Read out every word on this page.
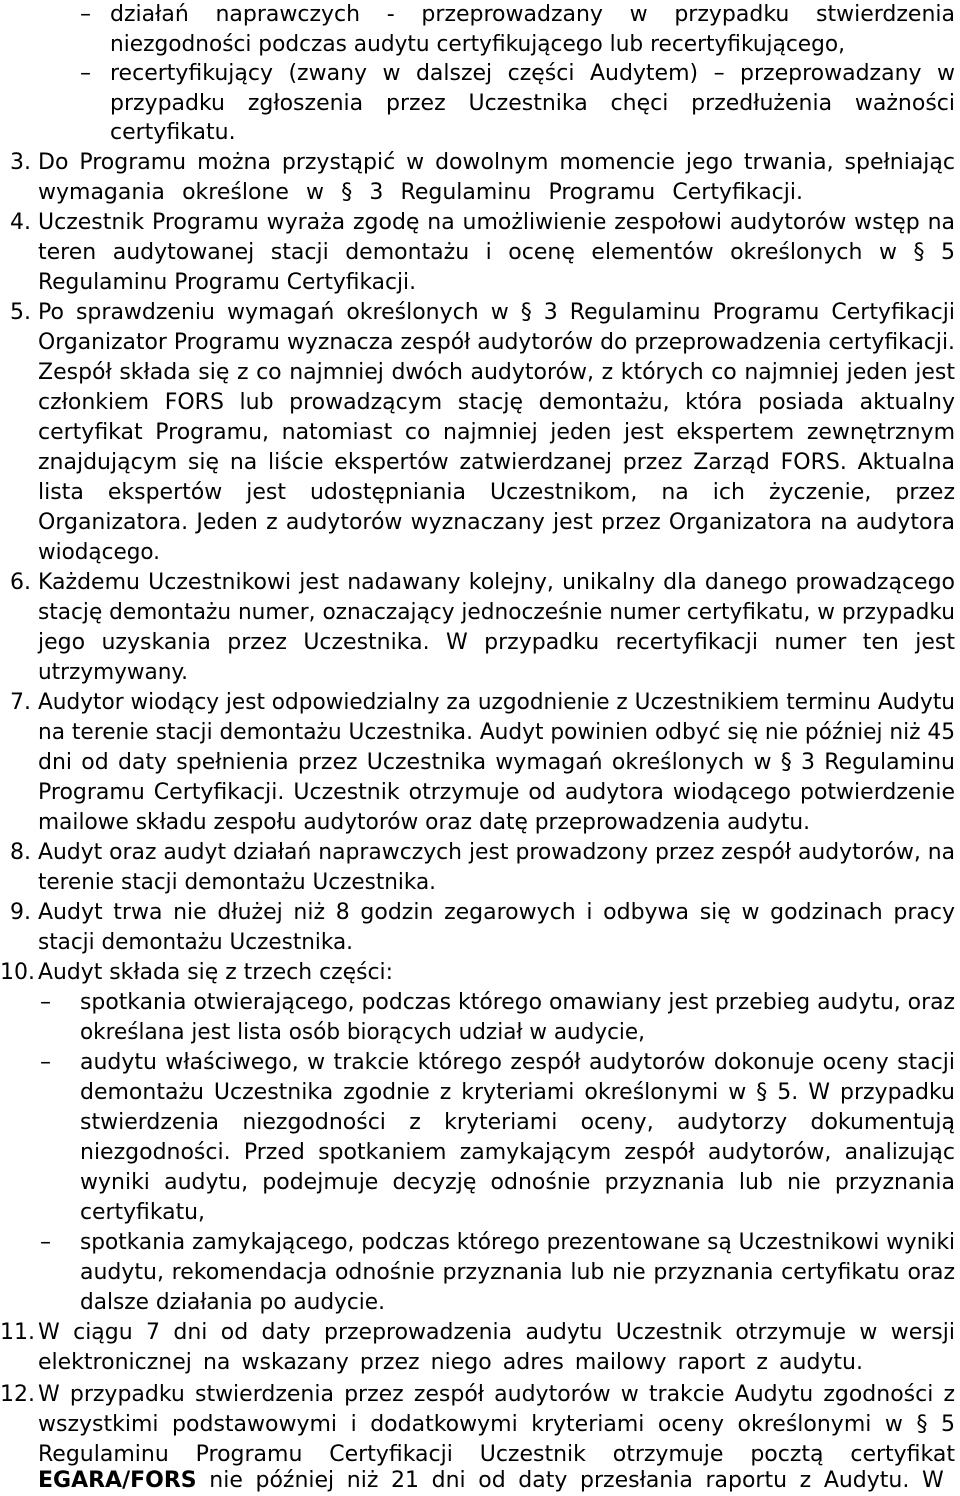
– działań naprawczych - przeprowadzany w przypadku stwierdzenia
niezgodności podczas audytu certyfikującego lub recertyfikującego,
– recertyfikujący (zwany w dalszej części Audytem) – przeprowadzany w
przypadku zgłoszenia przez Uczestnika chęci przedłużenia ważności
certyfikatu.
3. Do Programu można przystąpić w dowolnym momencie jego trwania, spełniając
wymagania określone w § 3 Regulaminu Programu Certyfikacji.
4. Uczestnik Programu wyraża zgodę na umożliwienie zespołowi audytorów wstęp na
teren audytowanej stacji demontażu i ocenę elementów określonych w § 5
Regulaminu Programu Certyfikacji.
5. Po sprawdzeniu wymagań określonych w § 3 Regulaminu Programu Certyfikacji
Organizator Programu wyznacza zespół audytorów do przeprowadzenia certyfikacji.
Zespół składa się z co najmniej dwóch audytorów, z których co najmniej jeden jest
członkiem FORS lub prowadzącym stację demontażu, która posiada aktualny
certyfikat Programu, natomiast co najmniej jeden jest ekspertem zewnętrznym
znajdującym się na liście ekspertów zatwierdzanej przez Zarząd FORS. Aktualna
lista ekspertów jest udostępniania Uczestnikom, na ich życzenie, przez
Organizatora. Jeden z audytorów wyznaczany jest przez Organizatora na audytora
wiodącego.
6. Każdemu Uczestnikowi jest nadawany kolejny, unikalny dla danego prowadzącego
stację demontażu numer, oznaczający jednocześnie numer certyfikatu, w przypadku
jego uzyskania przez Uczestnika. W przypadku recertyfikacji numer ten jest
utrzymywany.
7. Audytor wiodący jest odpowiedzialny za uzgodnienie z Uczestnikiem terminu Audytu
na terenie stacji demontażu Uczestnika. Audyt powinien odbyć się nie później niż 45
dni od daty spełnienia przez Uczestnika wymagań określonych w § 3 Regulaminu
Programu Certyfikacji. Uczestnik otrzymuje od audytora wiodącego potwierdzenie
mailowe składu zespołu audytorów oraz datę przeprowadzenia audytu.
8. Audyt oraz audyt działań naprawczych jest prowadzony przez zespół audytorów, na
terenie stacji demontażu Uczestnika.
9. Audyt trwa nie dłużej niż 8 godzin zegarowych i odbywa się w godzinach pracy
stacji demontażu Uczestnika.
10. Audyt składa się z trzech części:
– spotkania otwierającego, podczas którego omawiany jest przebieg audytu, oraz
określana jest lista osób biorących udział w audycie,
– audytu właściwego, w trakcie którego zespół audytorów dokonuje oceny stacji
demontażu Uczestnika zgodnie z kryteriami określonymi w § 5. W przypadku
stwierdzenia niezgodności z kryteriami oceny, audytorzy dokumentują
niezgodności. Przed spotkaniem zamykającym zespół audytorów, analizując
wyniki audytu, podejmuje decyzję odnośnie przyznania lub nie przyznania
certyfikatu,
– spotkania zamykającego, podczas którego prezentowane są Uczestnikowi wyniki
audytu, rekomendacja odnośnie przyznania lub nie przyznania certyfikatu oraz
dalsze działania po audycie.
11. W ciągu 7 dni od daty przeprowadzenia audytu Uczestnik otrzymuje w wersji
elektronicznej na wskazany przez niego adres mailowy raport z audytu.
12. W przypadku stwierdzenia przez zespół audytorów w trakcie Audytu zgodności z
wszystkimi podstawowymi i dodatkowymi kryteriami oceny określonymi w § 5
Regulaminu Programu Certyfikacji Uczestnik otrzymuje pocztą certyfikat
EGARA/FORS nie później niż 21 dni od daty przesłania raportu z Audytu. W
